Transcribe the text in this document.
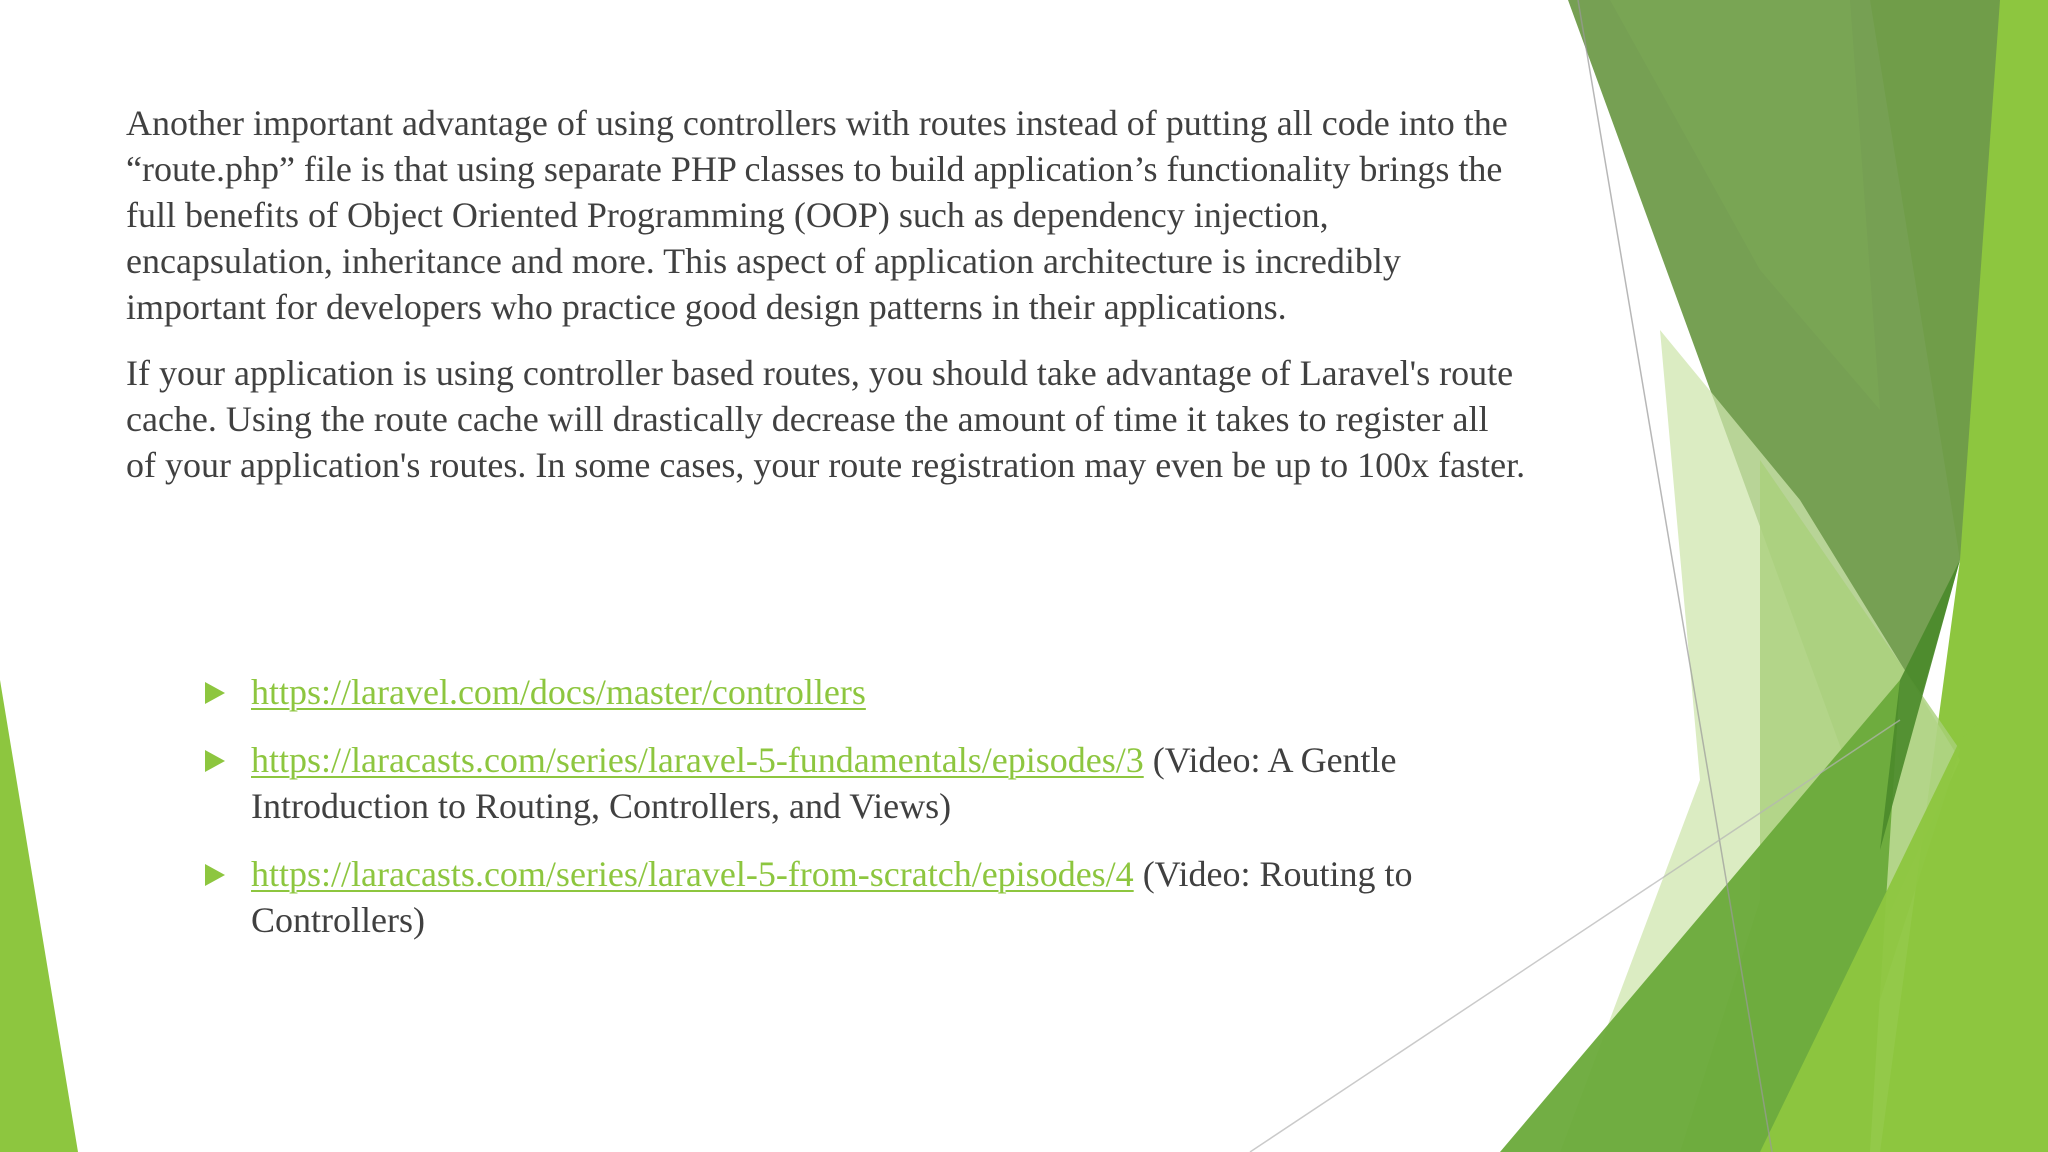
Another important advantage of using controllers with routes instead of putting all code into the “route.php” file is that using separate PHP classes to build application’s functionality brings the full benefits of Object Oriented Programming (OOP) such as dependency injection, encapsulation, inheritance and more. This aspect of application architecture is incredibly important for developers who practice good design patterns in their applications.

If your application is using controller based routes, you should take advantage of Laravel's route cache. Using the route cache will drastically decrease the amount of time it takes to register all of your application's routes. In some cases, your route registration may even be up to 100x faster.

https://laravel.com/docs/master/controllers
https://laracasts.com/series/laravel-5-fundamentals/episodes/3 (Video: A Gentle Introduction to Routing, Controllers, and Views)
https://laracasts.com/series/laravel-5-from-scratch/episodes/4 (Video: Routing to Controllers)
